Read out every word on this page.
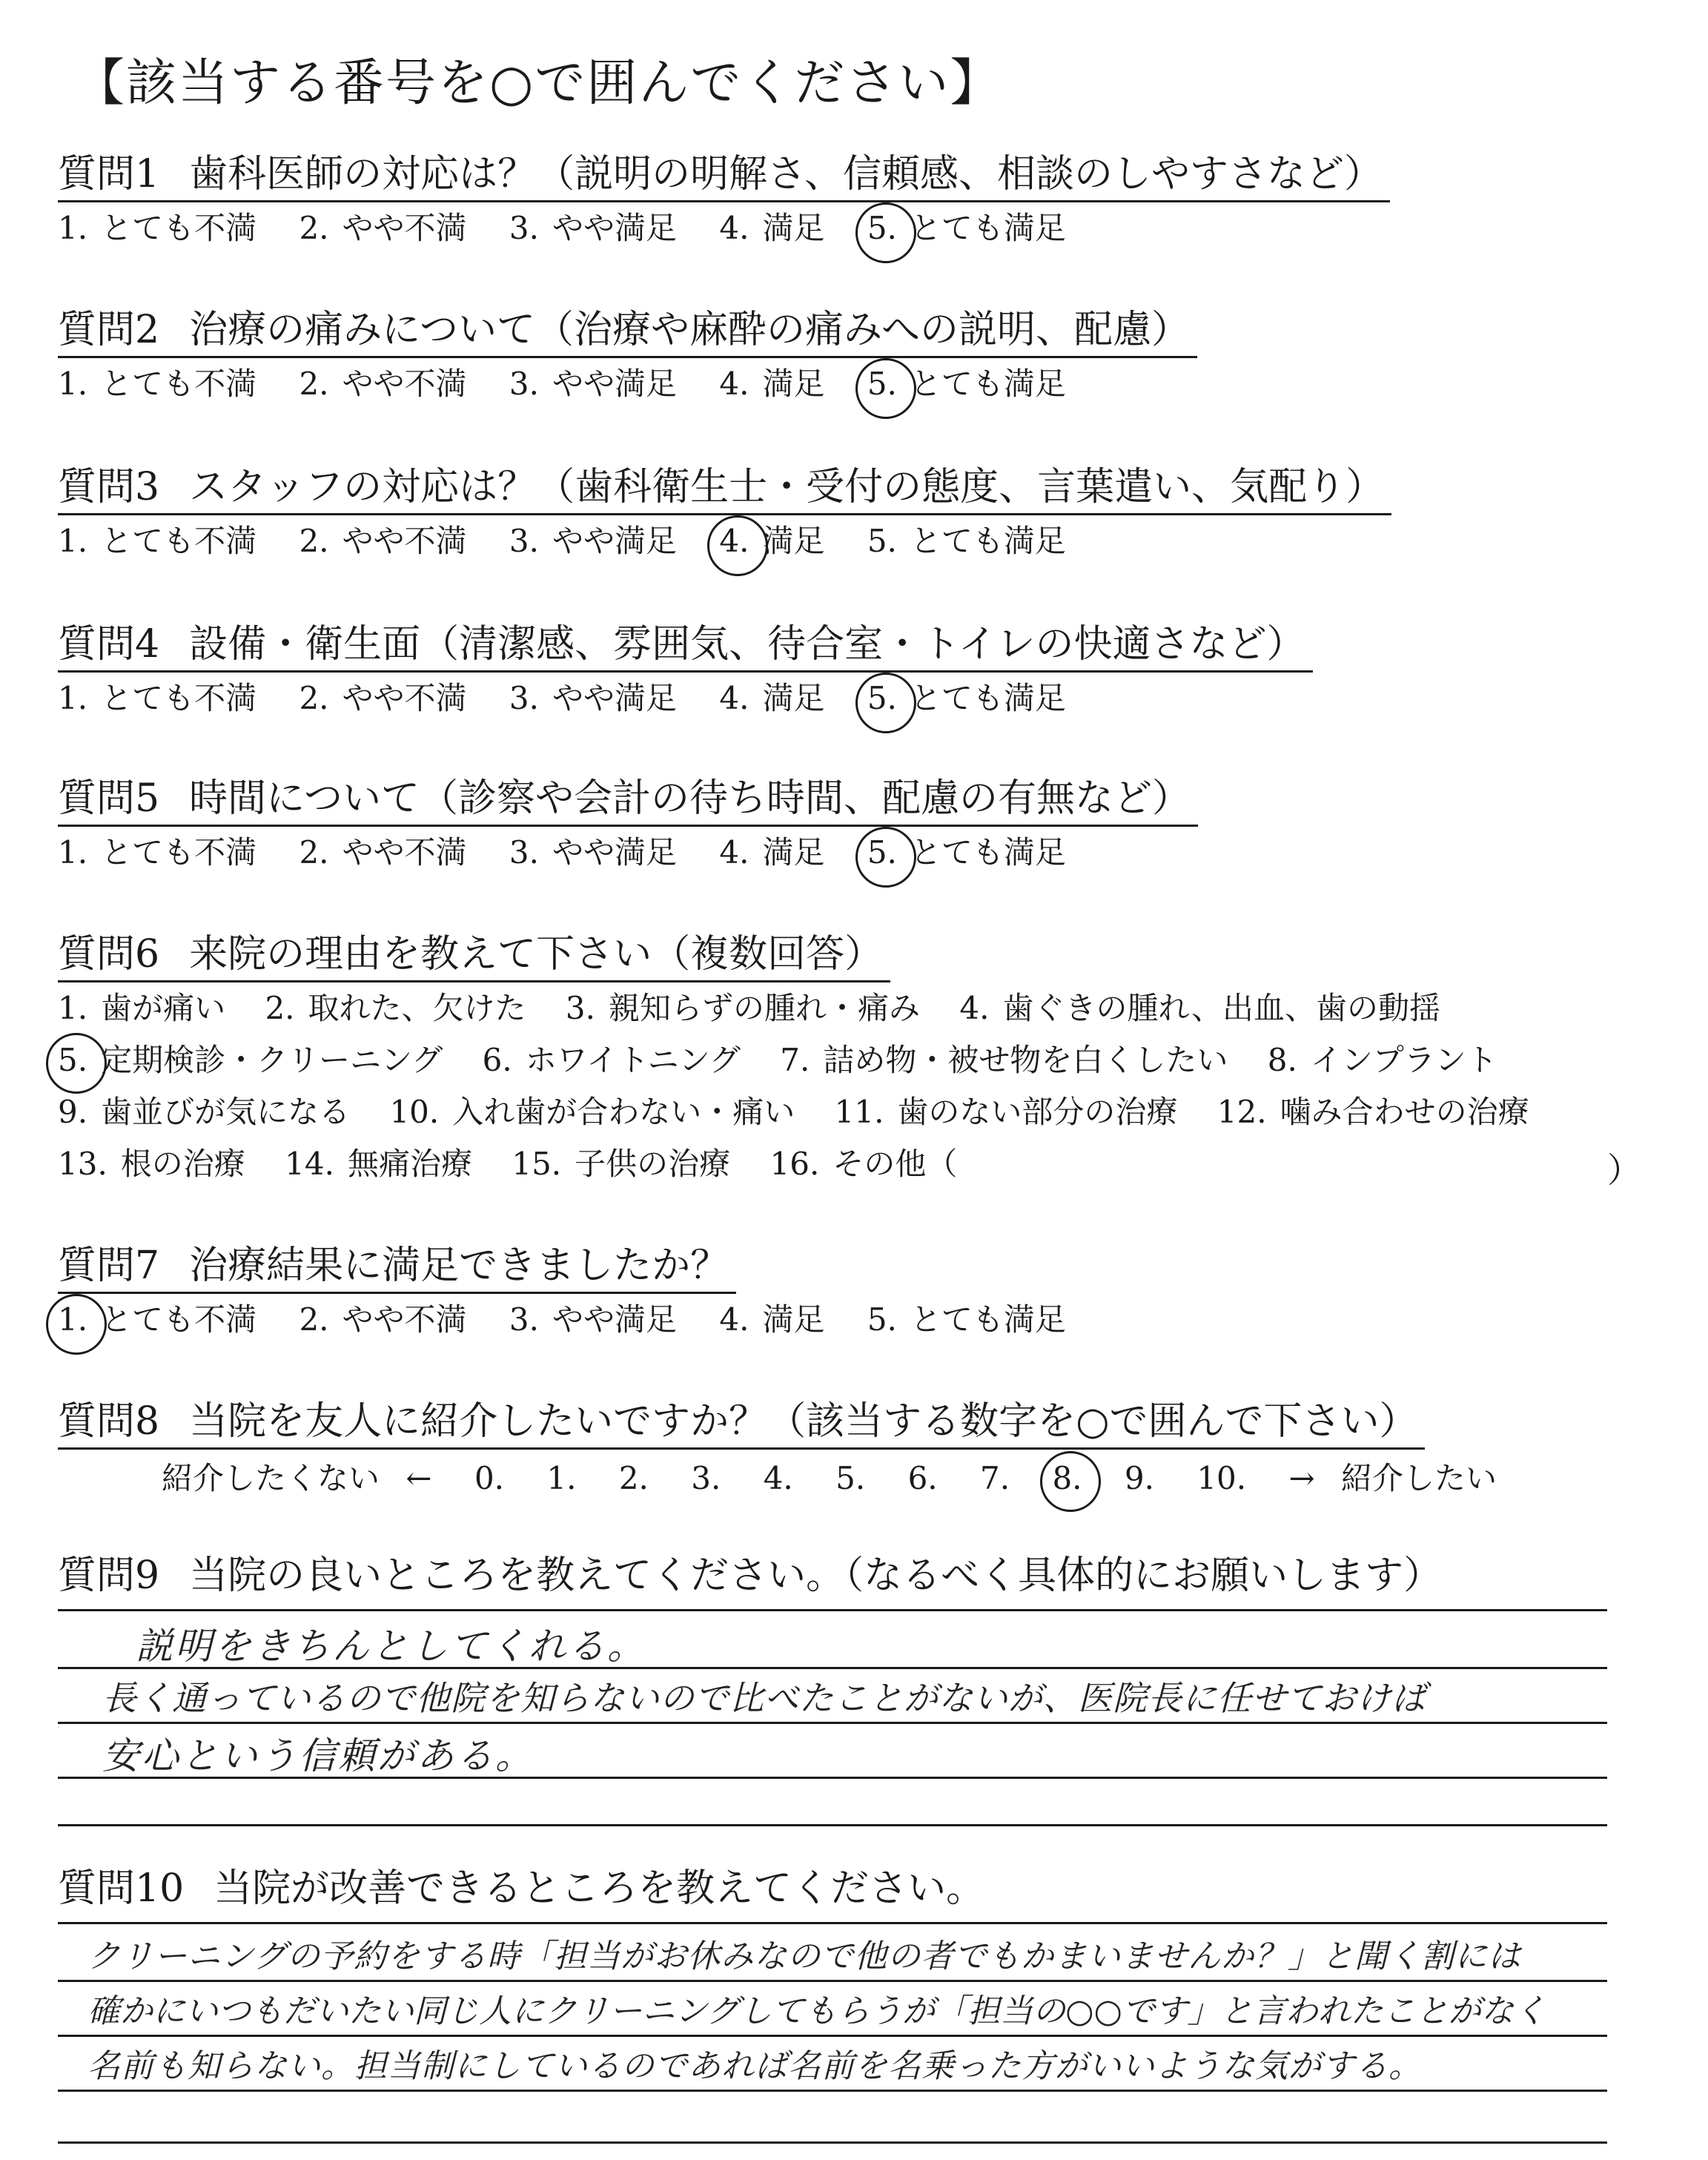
【該当する番号を○で囲んでください】
質問1 歯科医師の対応は？（説明の明解さ、信頼感、相談のしやすさなど）
1. とても不満 2. やや不満 3. やや満足 4. 満足 5. とても満足
質問2 治療の痛みについて（治療や麻酔の痛みへの説明、配慮）
1. とても不満 2. やや不満 3. やや満足 4. 満足 5. とても満足
質問3 スタッフの対応は？（歯科衛生士・受付の態度、言葉遣い、気配り）
1. とても不満 2. やや不満 3. やや満足 4. 満足 5. とても満足
質問4 設備・衛生面（清潔感、雰囲気、待合室・トイレの快適さなど）
1. とても不満 2. やや不満 3. やや満足 4. 満足 5. とても満足
質問5 時間について（診察や会計の待ち時間、配慮の有無など）
1. とても不満 2. やや不満 3. やや満足 4. 満足 5. とても満足
質問6 来院の理由を教えて下さい（複数回答）
1. 歯が痛い 2. 取れた、欠けた 3. 親知らずの腫れ・痛み 4. 歯ぐきの腫れ、出血、歯の動揺
5. 定期検診・クリーニング 6. ホワイトニング 7. 詰め物・被せ物を白くしたい 8. インプラント
9. 歯並びが気になる 10. 入れ歯が合わない・痛い 11. 歯のない部分の治療 12. 噛み合わせの治療
13. 根の治療 14. 無痛治療 15. 子供の治療 16. その他（	）
質問7 治療結果に満足できましたか？
1. とても不満 2. やや不満 3. やや満足 4. 満足 5. とても満足
質問8 当院を友人に紹介したいですか？（該当する数字を○で囲んで下さい）
紹介したくない ← 0. 1. 2. 3. 4. 5. 6. 7. 8. 9. 10. → 紹介したい
質問9 当院の良いところを教えてください。（なるべく具体的にお願いします）
説明をきちんとしてくれる。
長く通っているので他院を知らないので比べたことがないが、医院長に任せておけば
安心という信頼がある。
質問10 当院が改善できるところを教えてください。
クリーニングの予約をする時「担当がお休みなので他の者でもかまいませんか？」と聞く割には
確かにいつもだいたい同じ人にクリーニングしてもらうが「担当の○○です」と言われたことがなく
名前も知らない。担当制にしているのであれば名前を名乗った方がいいような気がする。
